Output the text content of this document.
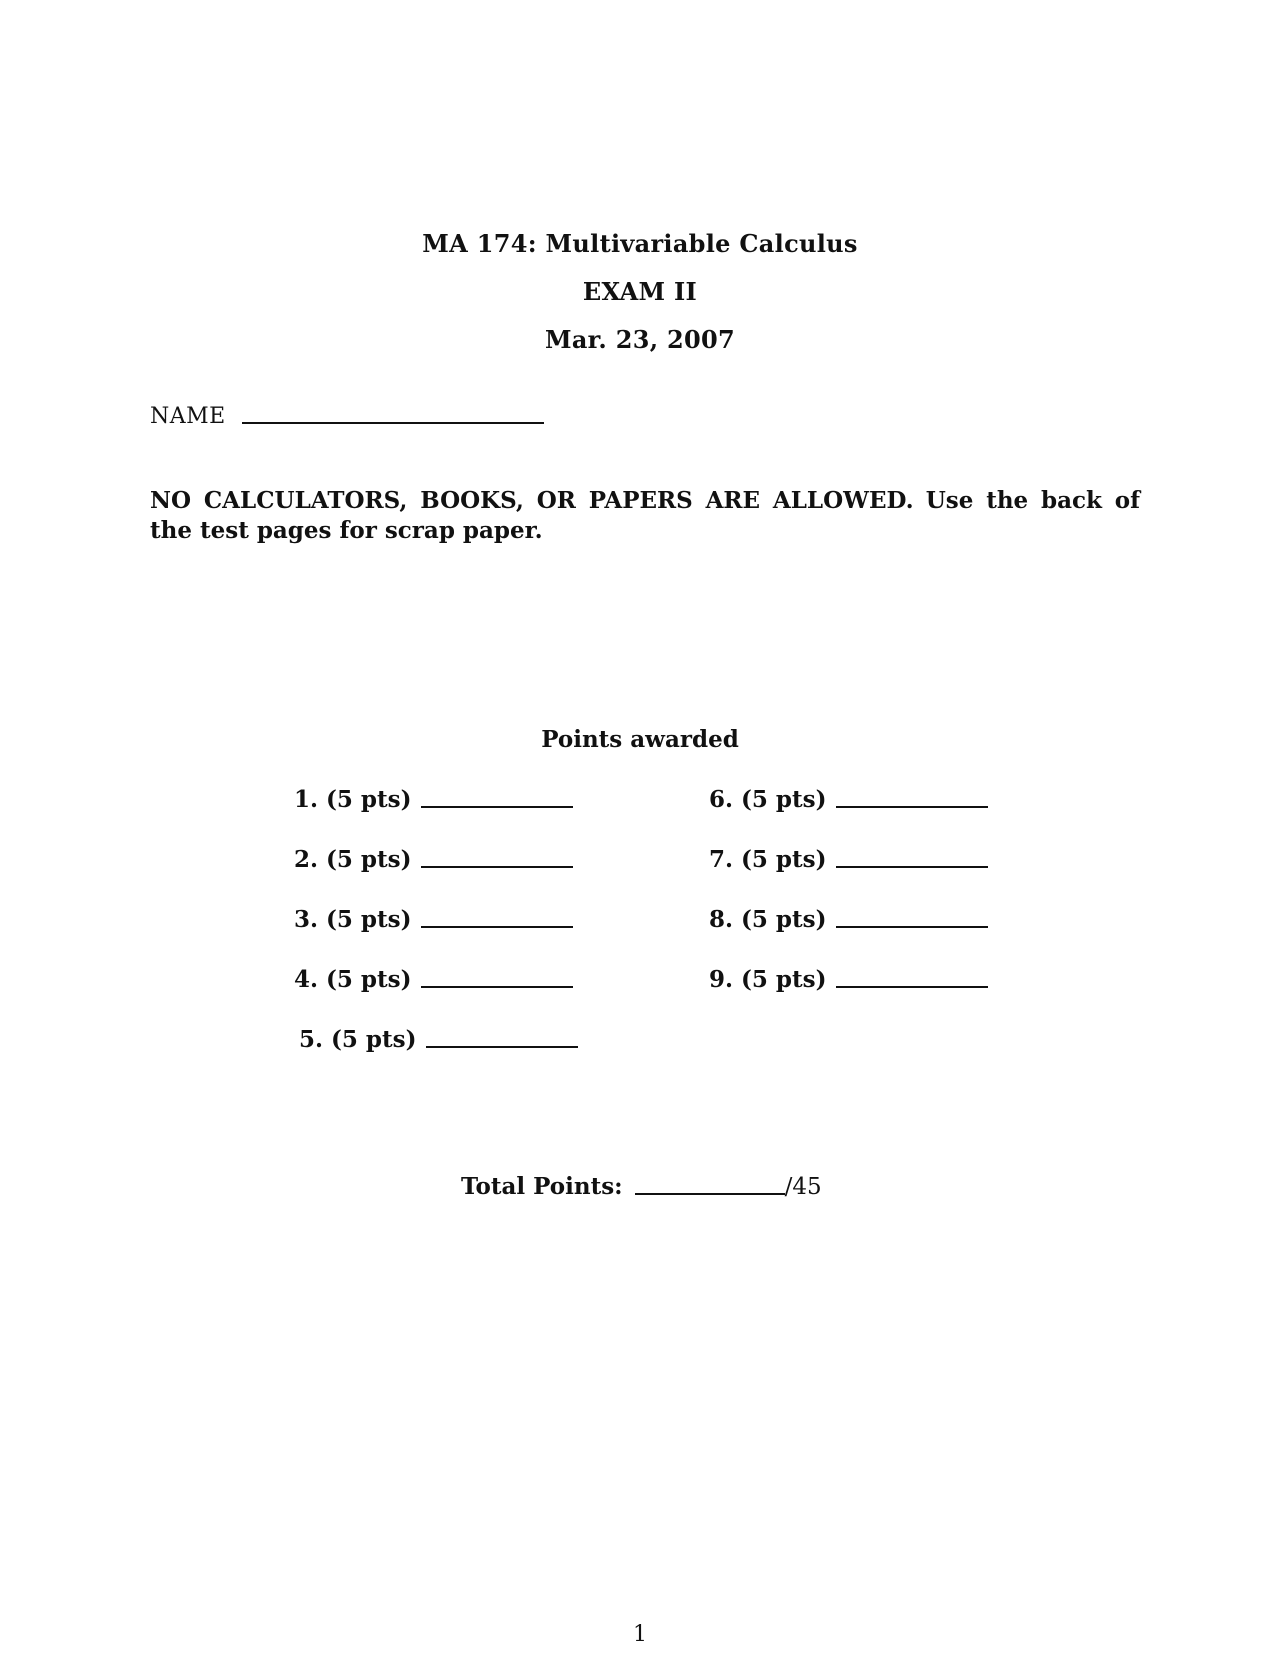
MA 174: Multivariable Calculus
EXAM II
Mar. 23, 2007
NAME
NO CALCULATORS, BOOKS, OR PAPERS ARE ALLOWED. Use the back of the test pages for scrap paper.
Points awarded
1. (5 pts)
2. (5 pts)
3. (5 pts)
4. (5 pts)
5. (5 pts)
6. (5 pts)
7. (5 pts)
8. (5 pts)
9. (5 pts)
Total Points:	/45
1
